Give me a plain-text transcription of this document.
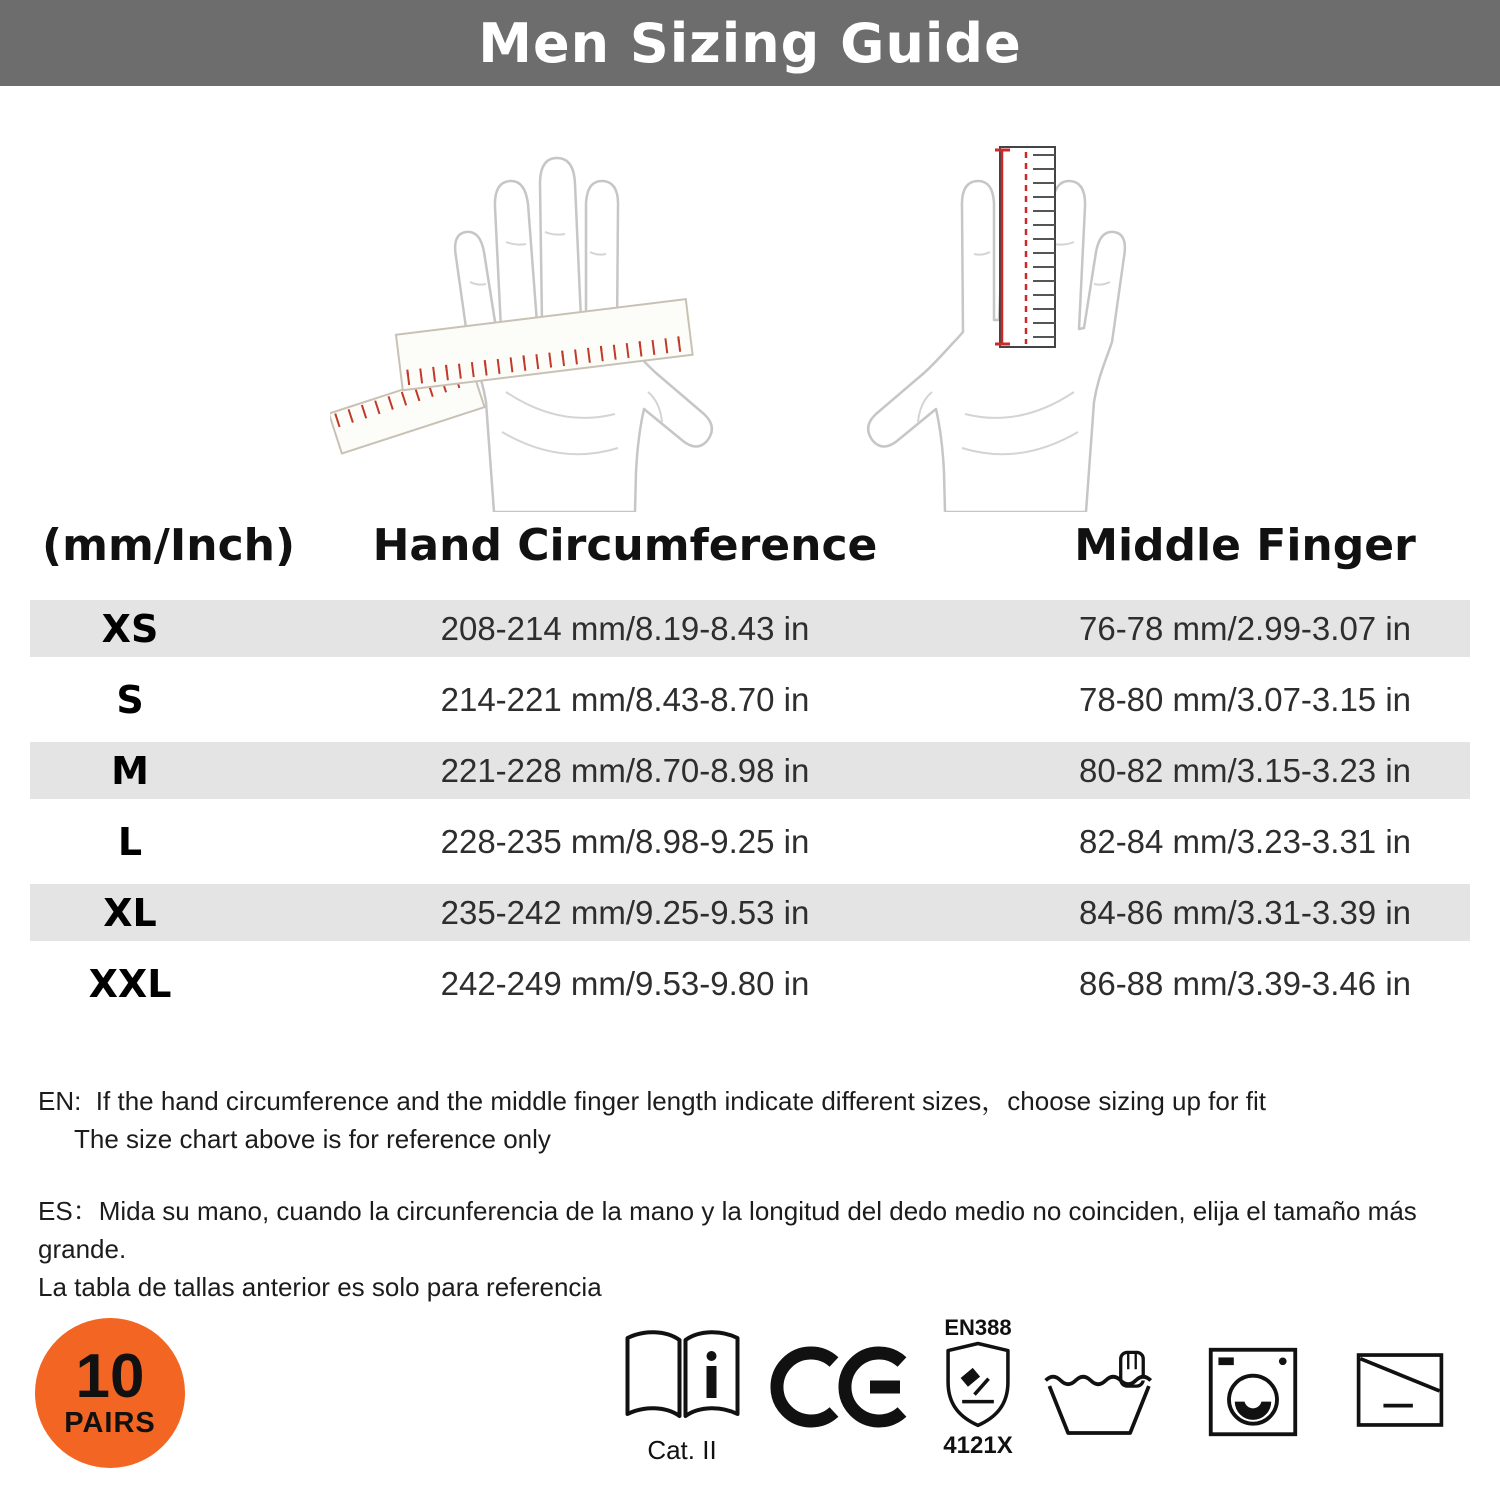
Men Sizing Guide
(mm/Inch)	Hand Circumference	Middle Finger
XS	208-214 mm/8.19-8.43 in	76-78 mm/2.99-3.07 in
S	214-221 mm/8.43-8.70 in	78-80 mm/3.07-3.15 in
M	221-228 mm/8.70-8.98 in	80-82 mm/3.15-3.23 in
L	228-235 mm/8.98-9.25 in	82-84 mm/3.23-3.31 in
XL	235-242 mm/9.25-9.53 in	84-86 mm/3.31-3.39 in
XXL	242-249 mm/9.53-9.80 in	86-88 mm/3.39-3.46 in
EN: If the hand circumference and the middle finger length indicate different sizes，choose sizing up for fit
The size chart above is for reference only
ES：Mida su mano, cuando la circunferencia de la mano y la longitud del dedo medio no coinciden, elija el tamaño más grande.
La tabla de tallas anterior es solo para referencia
10
PAIRS
Cat. II
EN388
4121X
